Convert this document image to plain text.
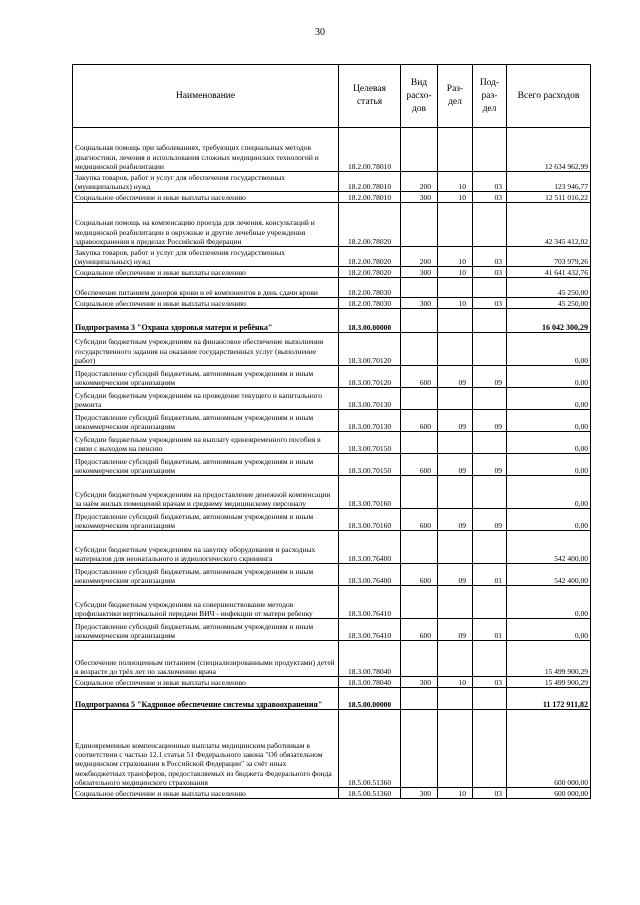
30
Наименование	Целевая статья	Вид расхо-дов	Раз-дел	Под-раз-дел	Всего расходов
Социальная помощь при заболеваниях, требующих специальных методов диагностики, лечения и использования сложных медицинских технологий и медицинской реабилитации	18.2.00.78010				12 634 962,99
Закупка товаров, работ и услуг для обеспечения государственных (муниципальных) нужд	18.2.00.78010	200	10	03	123 946,77
Социальное обеспечение и иные выплаты населению	18.2.00.78010	300	10	03	12 511 016,22
Социальная помощь на компенсацию проезда для лечения, консультаций и медицинской реабилитации в окружные и другие лечебные учреждения здравоохранения в пределах Российской Федерации	18.2.00.78020				42 345 412,02
Закупка товаров, работ и услуг для обеспечения государственных (муниципальных) нужд	18.2.00.78020	200	10	03	703 979,26
Социальное обеспечение и иные выплаты населению	18.2.00.78020	300	10	03	41 641 432,76
Обеспечение питанием доноров крови и её компонентов в день сдачи крови	18.2.00.78030				45 250,00
Социальное обеспечение и иные выплаты населению	18.2.00.78030	300	10	03	45 250,00
Подпрограмма 3 "Охрана здоровья матери и ребёнка"	18.3.00.00000				16 042 300,29
Субсидии бюджетным учреждениям на финансовое обеспечение выполнения государственного задания на оказание государственных услуг (выполнение работ)	18.3.00.70120				0,00
Предоставление субсидий бюджетным, автономным учреждениям и иным некоммерческим организациям	18.3.00.70120	600	09	09	0,00
Субсидии бюджетным учреждениям на проведение текущего и капитального ремонта	18.3.00.70130				0,00
Предоставление субсидий бюджетным, автономным учреждениям и иным некоммерческим организациям	18.3.00.70130	600	09	09	0,00
Субсидии бюджетным учреждениям на выплату единовременного пособия в связи с выходом на пенсию	18.3.00.70150				0,00
Предоставление субсидий бюджетным, автономным учреждениям и иным некоммерческим организациям	18.3.00.70150	600	09	09	0,00
Субсидии бюджетным учреждениям на предоставление денежной компенсации за наём жилых помещений врачам и среднему медицинскому персоналу	18.3.00.70160				0,00
Предоставление субсидий бюджетным, автономным учреждениям и иным некоммерческим организациям	18.3.00.70160	600	09	09	0,00
Субсидии бюджетным учреждениям на закупку оборудования и расходных материалов для неонатального и аудиологического скрининга	18.3.00.76400				542 400,00
Предоставление субсидий бюджетным, автономным учреждениям и иным некоммерческим организациям	18.3.00.76400	600	09	01	542 400,00
Субсидии бюджетным учреждениям на совершенствование методов профилактики вертикальной передачи ВИЧ - инфекции от матери ребенку	18.3.00.76410				0,00
Предоставление субсидий бюджетным, автономным учреждениям и иным некоммерческим организациям	18.3.00.76410	600	09	01	0,00
Обеспечение полноценным питанием (специализированными продуктами) детей в возрасте до трёх лет по заключению врача	18.3.00.78040				15 499 900,29
Социальное обеспечение и иные выплаты населению	18.3.00.78040	300	10	03	15 499 900,29
Подпрограмма 5 "Кадровое обеспечение системы здравоохранения"	18.5.00.00000				11 172 911,82
Единовременные компенсационные выплаты медицинским работникам в соответствии с частью 12.1 статьи 51 Федерального закона "Об обязательном медицинском страховании в Российской Федерации" за счёт иных межбюджетных трансферов, предоставляемых из бюджета Федерального фонда обязательного медицинского страхования	18.5.00.51360				600 000,00
Социальное обеспечение и иные выплаты населению	18.5.00.51360	300	10	03	600 000,00
